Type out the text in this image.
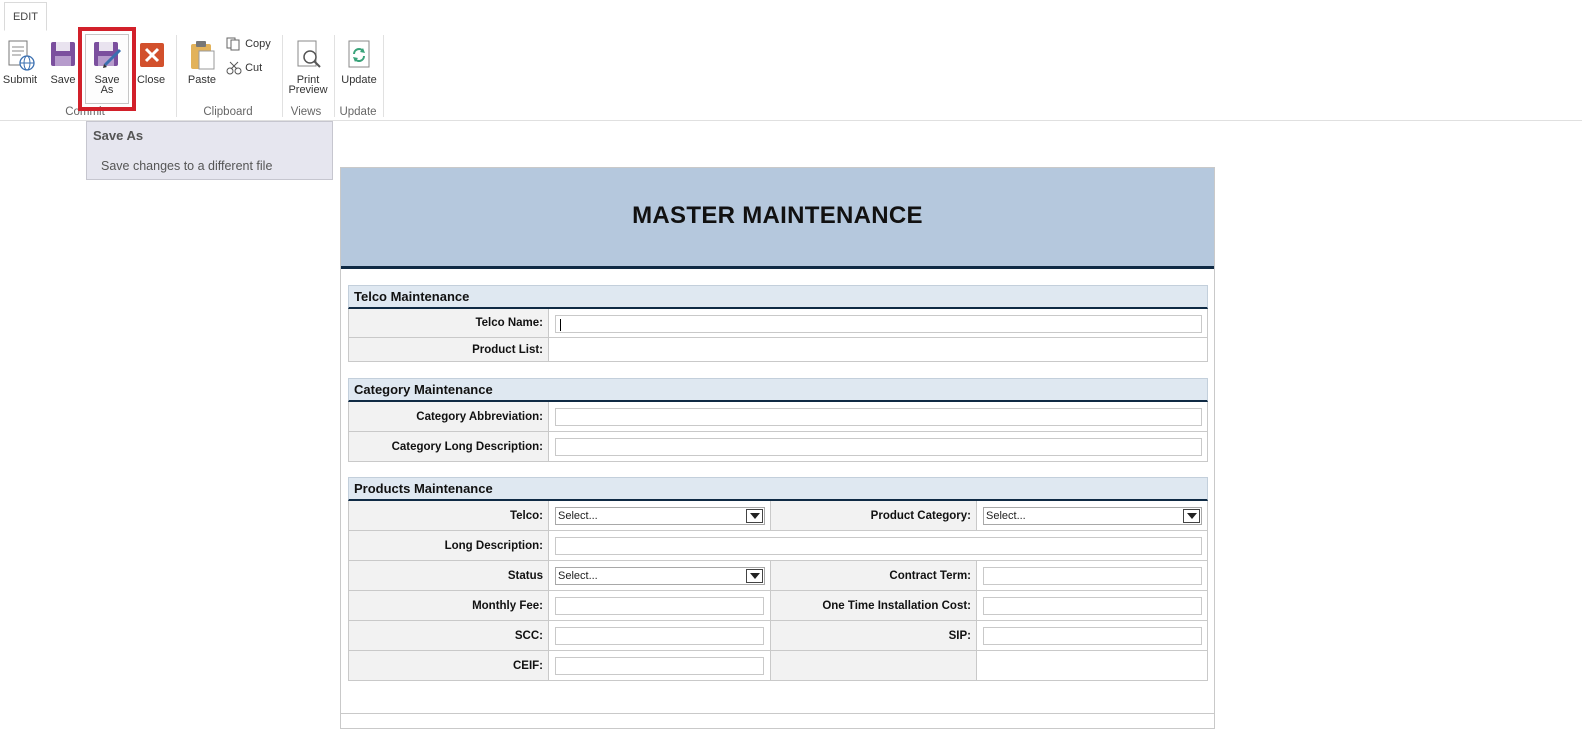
EDIT
Submit	Save	Save
As
Close
Commit
Paste
Copy
Cut
Clipboard
Print
Preview
Views
Update
Update
Save As
Save changes to a different file
MASTER MAINTENANCE
Telco Maintenance
Telco Name:
Product List:
Category Maintenance
Category Abbreviation:
Category Long Description:
Products Maintenance
Telco:	Select...	Product Category:	Select...
Long Description:
Status	Select...	Contract Term:
Monthly Fee:	One Time Installation Cost:
SCC:	SIP:
CEIF:
